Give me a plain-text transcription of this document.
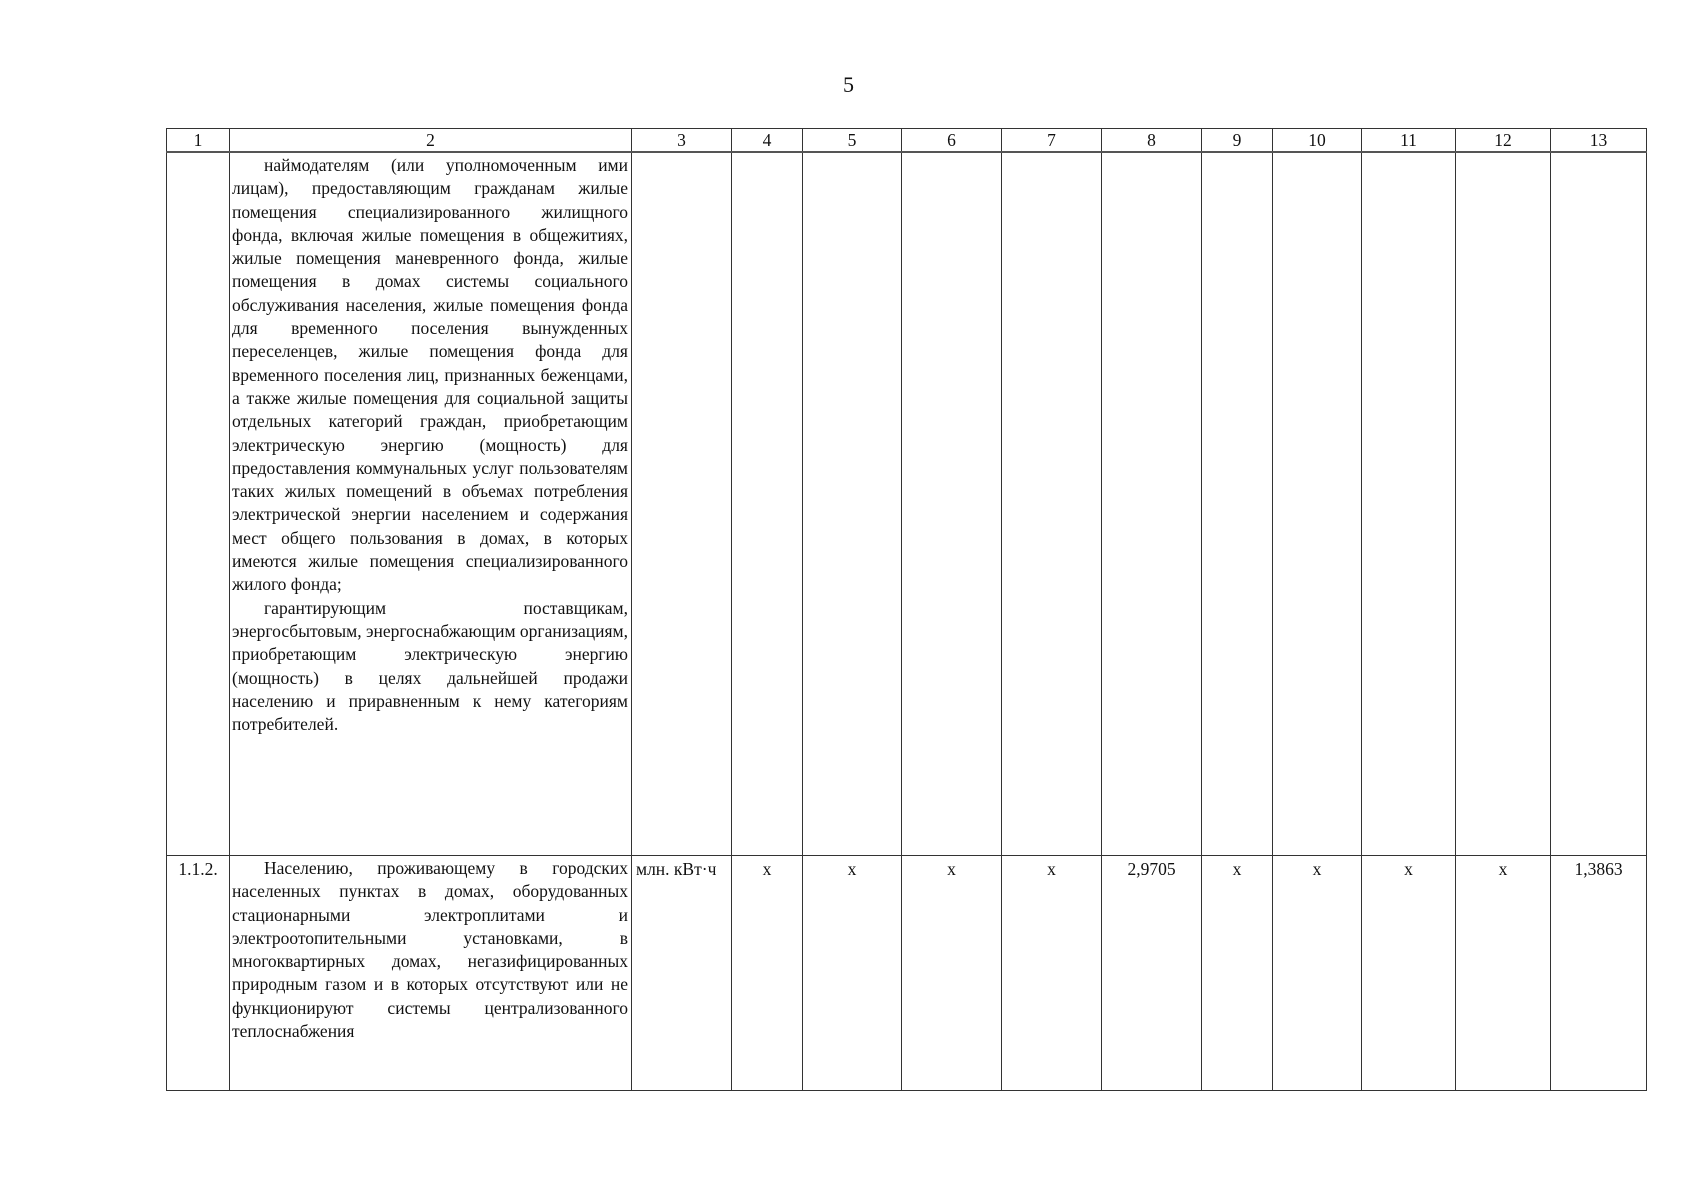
5
1	2	3	4	5	6	7	8	9	10	11	12	13

	наймодателям (или уполномоченным ими лицам), предоставляющим гражданам жилые помещения специализированного жилищного фонда, включая жилые помещения в общежитиях, жилые помещения маневренного фонда, жилые помещения в домах системы социального обслуживания населения, жилые помещения фонда для временного поселения вынужденных переселенцев, жилые помещения фонда для временного поселения лиц, признанных беженцами, а также жилые помещения для социальной защиты отдельных категорий граждан, приобретающим электрическую энергию (мощность) для предоставления коммунальных услуг пользователям таких жилых помещений в объемах потребления электрической энергии населением и содержания мест общего пользования в домах, в которых имеются жилые помещения специализированного жилого фонда;
гарантирующим поставщикам, энергосбытовым, энергоснабжающим организациям, приобретающим электрическую энергию (мощность) в целях дальнейшей продажи населению и приравненным к нему категориям потребителей.											

1.1.2.	Населению, проживающему в городских населенных пунктах в домах, оборудованных стационарными электроплитами и электроотопительными установками, в многоквартирных домах, негазифицированных природным газом и в которых отсутствуют или не функционируют системы централизованного теплоснабжения	млн. кВт·ч	х	х	х	х	2,9705	х	х	х	х	1,3863
